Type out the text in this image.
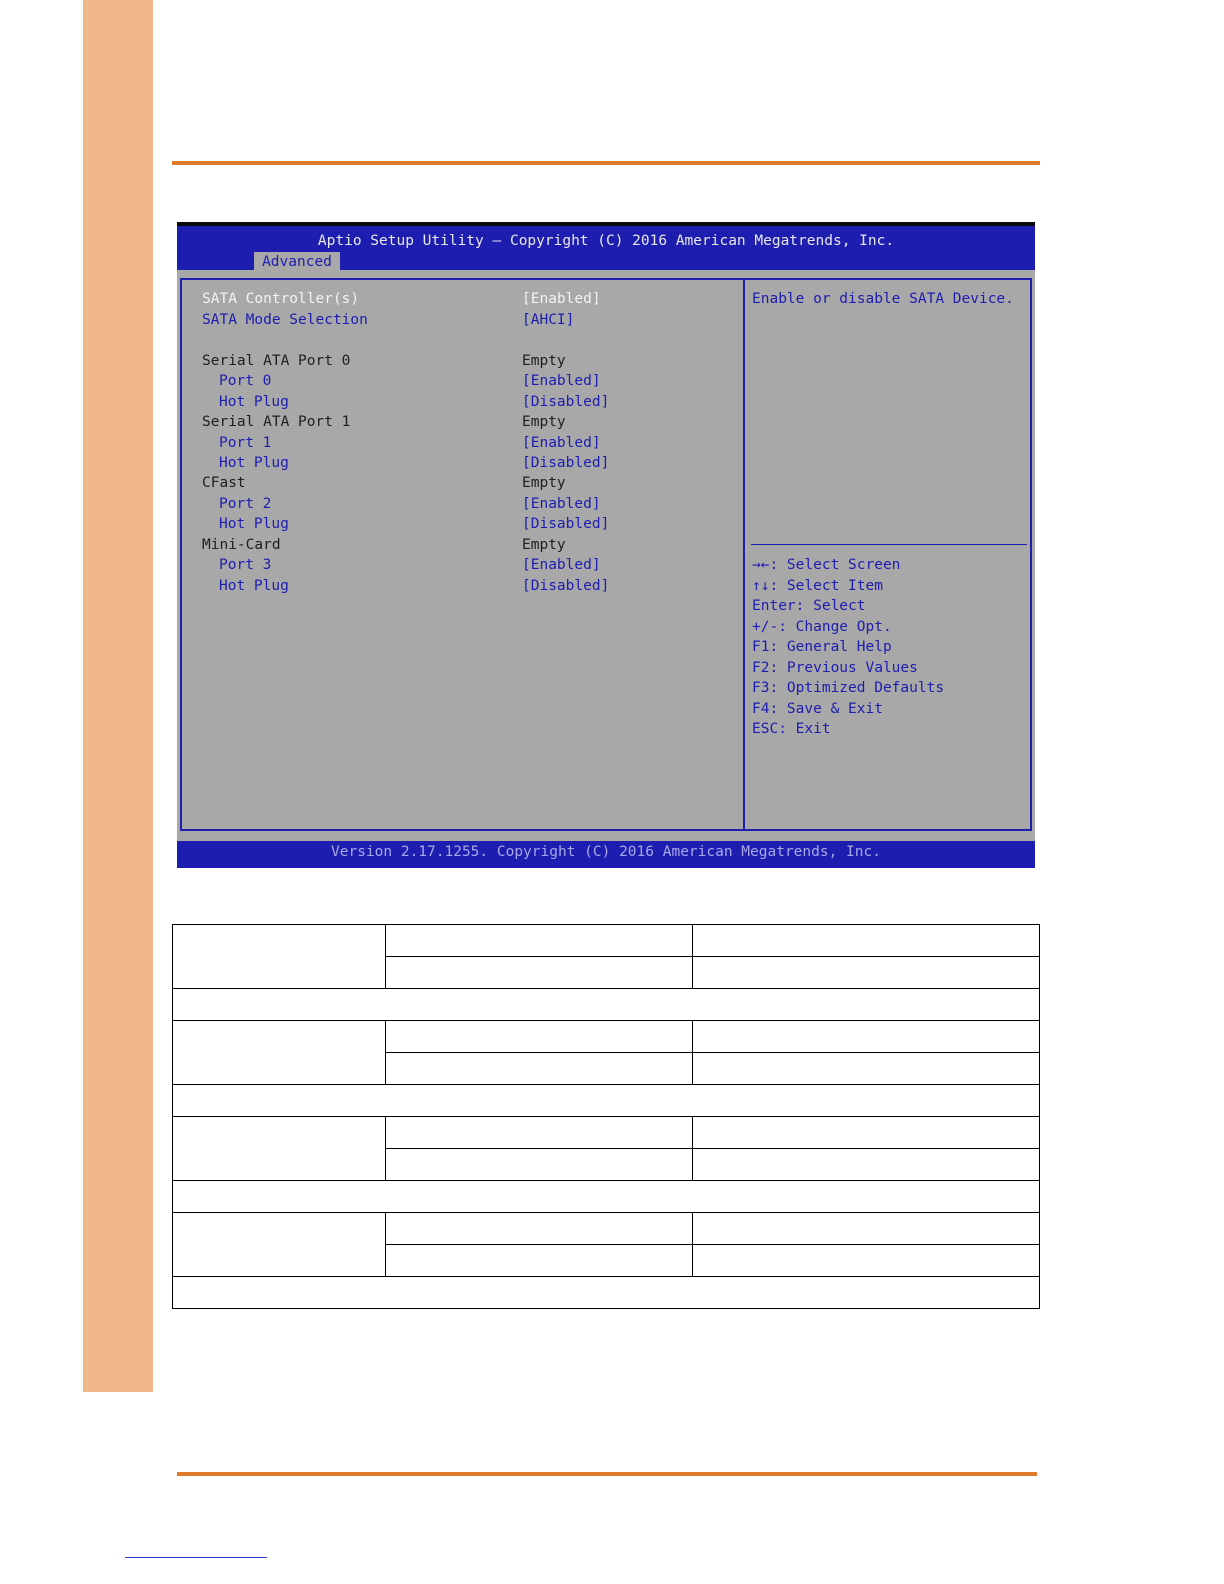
Aptio Setup Utility – Copyright (C) 2016 American Megatrends, Inc.
Advanced
SATA Controller(s)	[Enabled]
SATA Mode Selection	[AHCI]
Serial ATA Port 0	Empty
Port 0	[Enabled]
Hot Plug	[Disabled]
Serial ATA Port 1	Empty
Port 1	[Enabled]
Hot Plug	[Disabled]
CFast	Empty
Port 2	[Enabled]
Hot Plug	[Disabled]
Mini-Card	Empty
Port 3	[Enabled]
Hot Plug	[Disabled]
Enable or disable SATA Device.
→←: Select Screen
↑↓: Select Item
Enter: Select
+/-: Change Opt.
F1: General Help
F2: Previous Values
F3: Optimized Defaults
F4: Save & Exit
ESC: Exit
Version 2.17.1255. Copyright (C) 2016 American Megatrends, Inc.
